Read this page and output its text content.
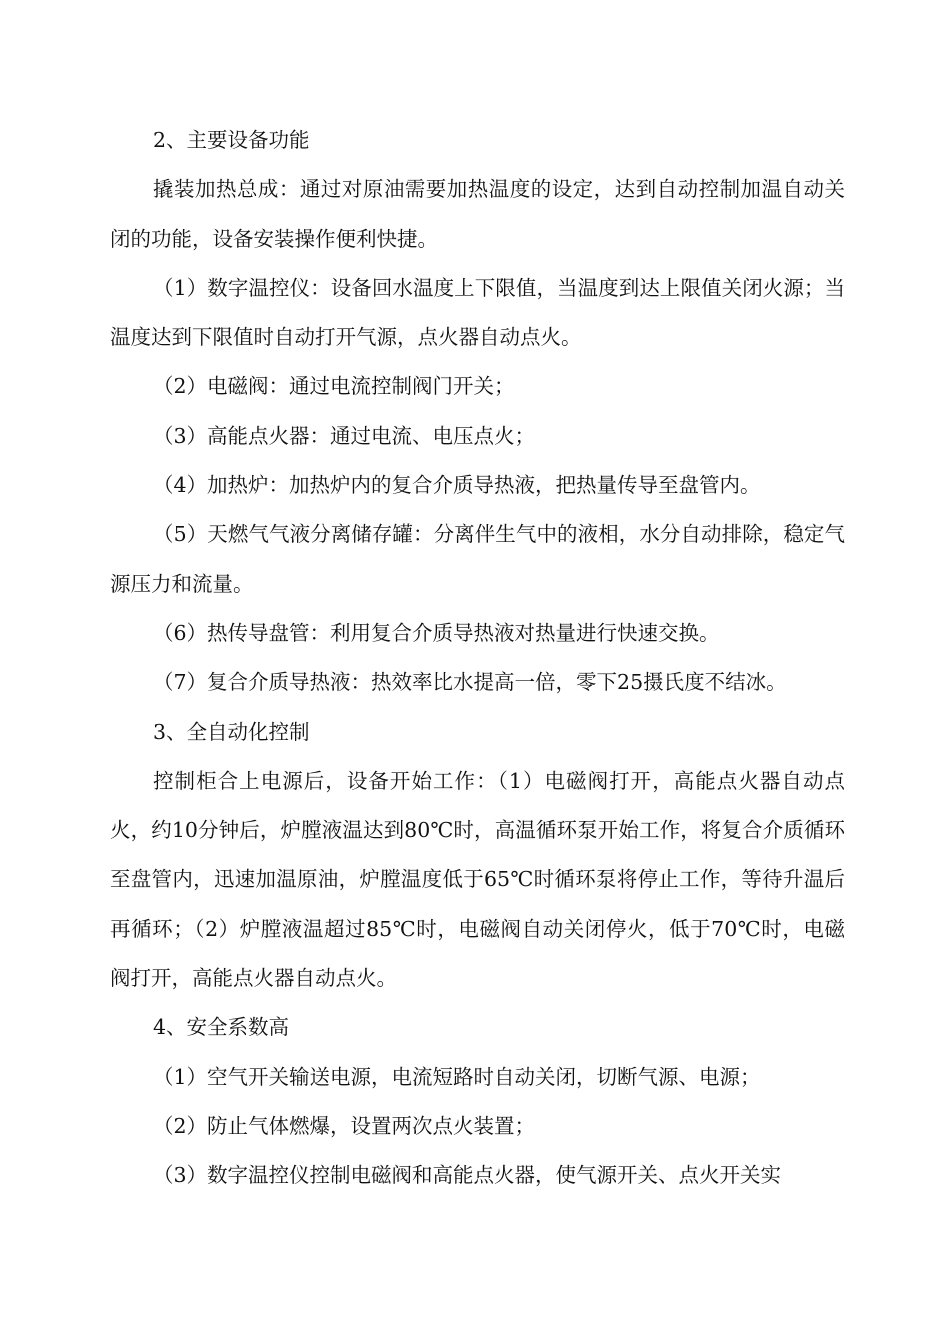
2、主要设备功能

撬装加热总成：通过对原油需要加热温度的设定，达到自动控制加温自动关闭的功能，设备安装操作便利快捷。

（1）数字温控仪：设备回水温度上下限值，当温度到达上限值关闭火源；当温度达到下限值时自动打开气源，点火器自动点火。

（2）电磁阀：通过电流控制阀门开关；

（3）高能点火器：通过电流、电压点火；

（4）加热炉：加热炉内的复合介质导热液，把热量传导至盘管内。

（5）天燃气气液分离储存罐：分离伴生气中的液相，水分自动排除，稳定气源压力和流量。

（6）热传导盘管：利用复合介质导热液对热量进行快速交换。

（7）复合介质导热液：热效率比水提高一倍，零下25摄氏度不结冰。

3、全自动化控制

控制柜合上电源后，设备开始工作：（1）电磁阀打开，高能点火器自动点火，约10分钟后，炉膛液温达到80℃时，高温循环泵开始工作，将复合介质循环至盘管内，迅速加温原油，炉膛温度低于65℃时循环泵将停止工作，等待升温后再循环；（2）炉膛液温超过85℃时，电磁阀自动关闭停火，低于70℃时，电磁阀打开，高能点火器自动点火。

4、安全系数高

（1）空气开关输送电源，电流短路时自动关闭，切断气源、电源；

（2）防止气体燃爆，设置两次点火装置；

（3）数字温控仪控制电磁阀和高能点火器，使气源开关、点火开关实
